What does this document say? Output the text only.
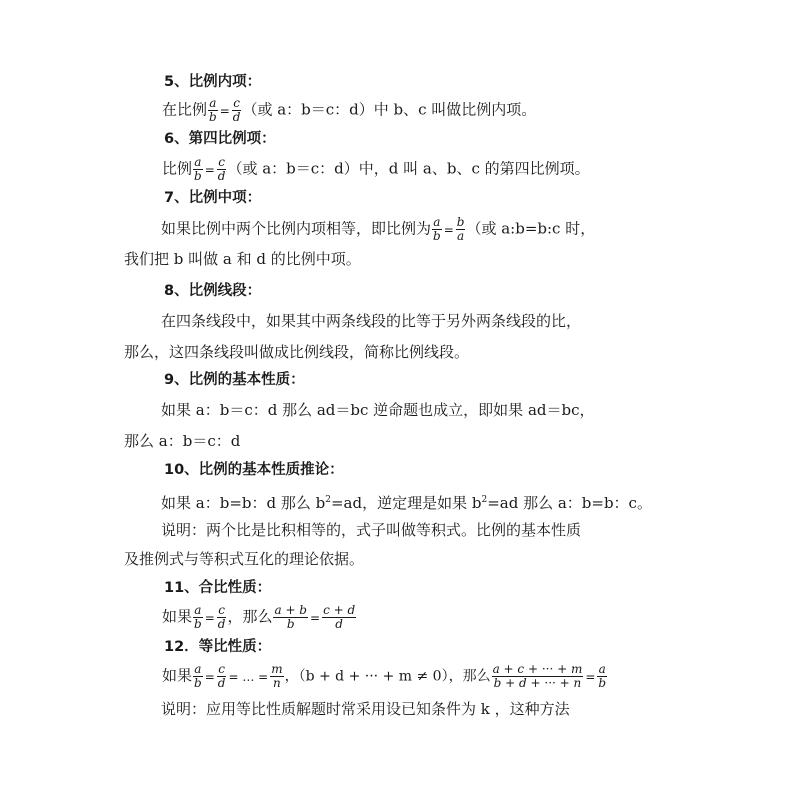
5、比例内项：
在比例 $\frac{a}{b} = \frac{c}{d}$ （或 a：b＝c：d）中 b、c 叫做比例内项。
6、第四比例项：
比例 $\frac{a}{b} = \frac{c}{d}$ （或 a：b＝c：d）中，d 叫 a、b、c 的第四比例项。
7、比例中项：
如果比例中两个比例内项相等，即比例为 $\frac{a}{b} = \frac{b}{a}$ （或 a:b=b:c 时，
我们把 b 叫做 a 和 d 的比例中项。
8、比例线段：
在四条线段中，如果其中两条线段的比等于另外两条线段的比，
那么，这四条线段叫做成比例线段，简称比例线段。
9、比例的基本性质：
如果 a：b＝c：d 那么 ad＝bc 逆命题也成立，即如果 ad＝bc，
那么 a：b＝c：d
10、比例的基本性质推论：
如果 a：b=b：d 那么 $b^2=ad$，逆定理是如果 $b^2=ad$ 那么 a：b=b：c。
说明：两个比是比积相等的，式子叫做等积式。比例的基本性质
及推例式与等积式互化的理论依据。
11、合比性质：
如果 $\frac{a}{b} = \frac{c}{d}$ ，那么 $\frac{a + b}{b} = \frac{c + d}{d}$
12．等比性质：
如果 $\frac{a}{b} = \frac{c}{d}$ = … = $\frac{m}{n}$ ，（b + d + ··· + m ≠ 0），那么 $\frac{a + c + \cdot\cdot\cdot + m}{b + d + \cdot\cdot\cdot + n} = \frac{a}{b}$
说明：应用等比性质解题时常采用设已知条件为 k ，这种方法
